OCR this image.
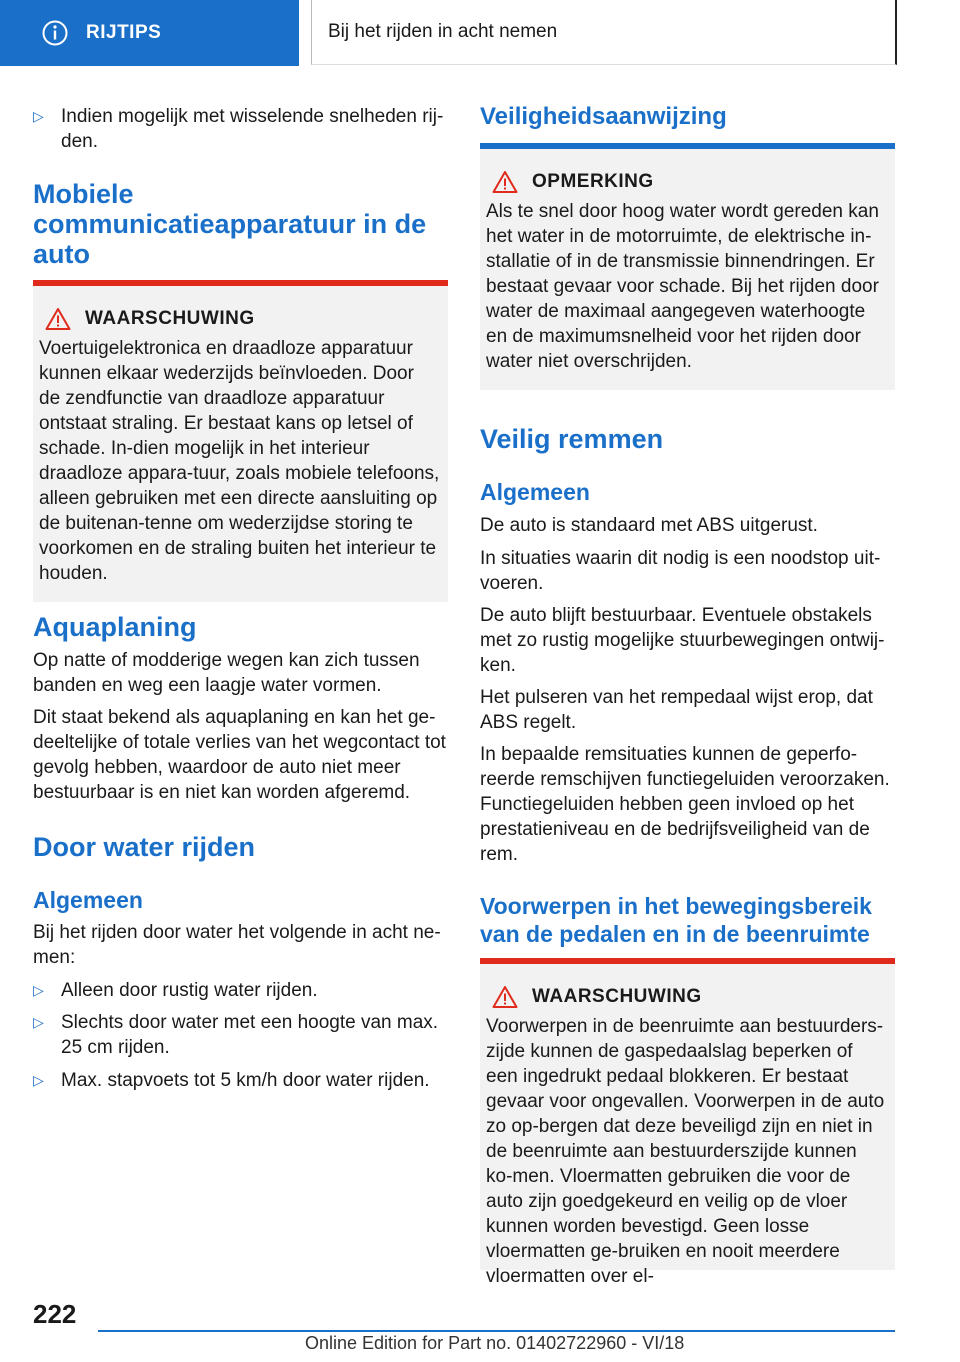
RIJTIPS	Bij het rijden in acht nemen
▷ Indien mogelijk met wisselende snelheden rij-den.
Mobiele communicatieapparatuur in de auto
WAARSCHUWING
Voertuigelektronica en draadloze apparatuur kunnen elkaar wederzijds beïnvloeden. Door de zendfunctie van draadloze apparatuur ontstaat straling. Er bestaat kans op letsel of schade. In-dien mogelijk in het interieur draadloze appara-tuur, zoals mobiele telefoons, alleen gebruiken met een directe aansluiting op de buitenan-tenne om wederzijdse storing te voorkomen en de straling buiten het interieur te houden.
Aquaplaning
Op natte of modderige wegen kan zich tussen banden en weg een laagje water vormen.
Dit staat bekend als aquaplaning en kan het ge-deeltelijke of totale verlies van het wegcontact tot gevolg hebben, waardoor de auto niet meer bestuurbaar is en niet kan worden afgeremd.
Door water rijden
Algemeen
Bij het rijden door water het volgende in acht ne-men:
▷ Alleen door rustig water rijden.
▷ Slechts door water met een hoogte van max. 25 cm rijden.
▷ Max. stapvoets tot 5 km/h door water rijden.
Veiligheidsaanwijzing
OPMERKING
Als te snel door hoog water wordt gereden kan het water in de motorruimte, de elektrische in-stallatie of in de transmissie binnendringen. Er bestaat gevaar voor schade. Bij het rijden door water de maximaal aangegeven waterhoogte en de maximumsnelheid voor het rijden door water niet overschrijden.
Veilig remmen
Algemeen
De auto is standaard met ABS uitgerust.
In situaties waarin dit nodig is een noodstop uit-voeren.
De auto blijft bestuurbaar. Eventuele obstakels met zo rustig mogelijke stuurbewegingen ontwij-ken.
Het pulseren van het rempedaal wijst erop, dat ABS regelt.
In bepaalde remsituaties kunnen de geperfo-reerde remschijven functiegeluiden veroorzaken. Functiegeluiden hebben geen invloed op het prestatieniveau en de bedrijfsveiligheid van de rem.
Voorwerpen in het bewegingsbereik van de pedalen en in de beenruimte
WAARSCHUWING
Voorwerpen in de beenruimte aan bestuurders-zijde kunnen de gaspedaalslag beperken of een ingedrukt pedaal blokkeren. Er bestaat gevaar voor ongevallen. Voorwerpen in de auto zo op-bergen dat deze beveiligd zijn en niet in de beenruimte aan bestuurderszijde kunnen ko-men. Vloermatten gebruiken die voor de auto zijn goedgekeurd en veilig op de vloer kunnen worden bevestigd. Geen losse vloermatten ge-bruiken en nooit meerdere vloermatten over el-
222
Online Edition for Part no. 01402722960 - VI/18
